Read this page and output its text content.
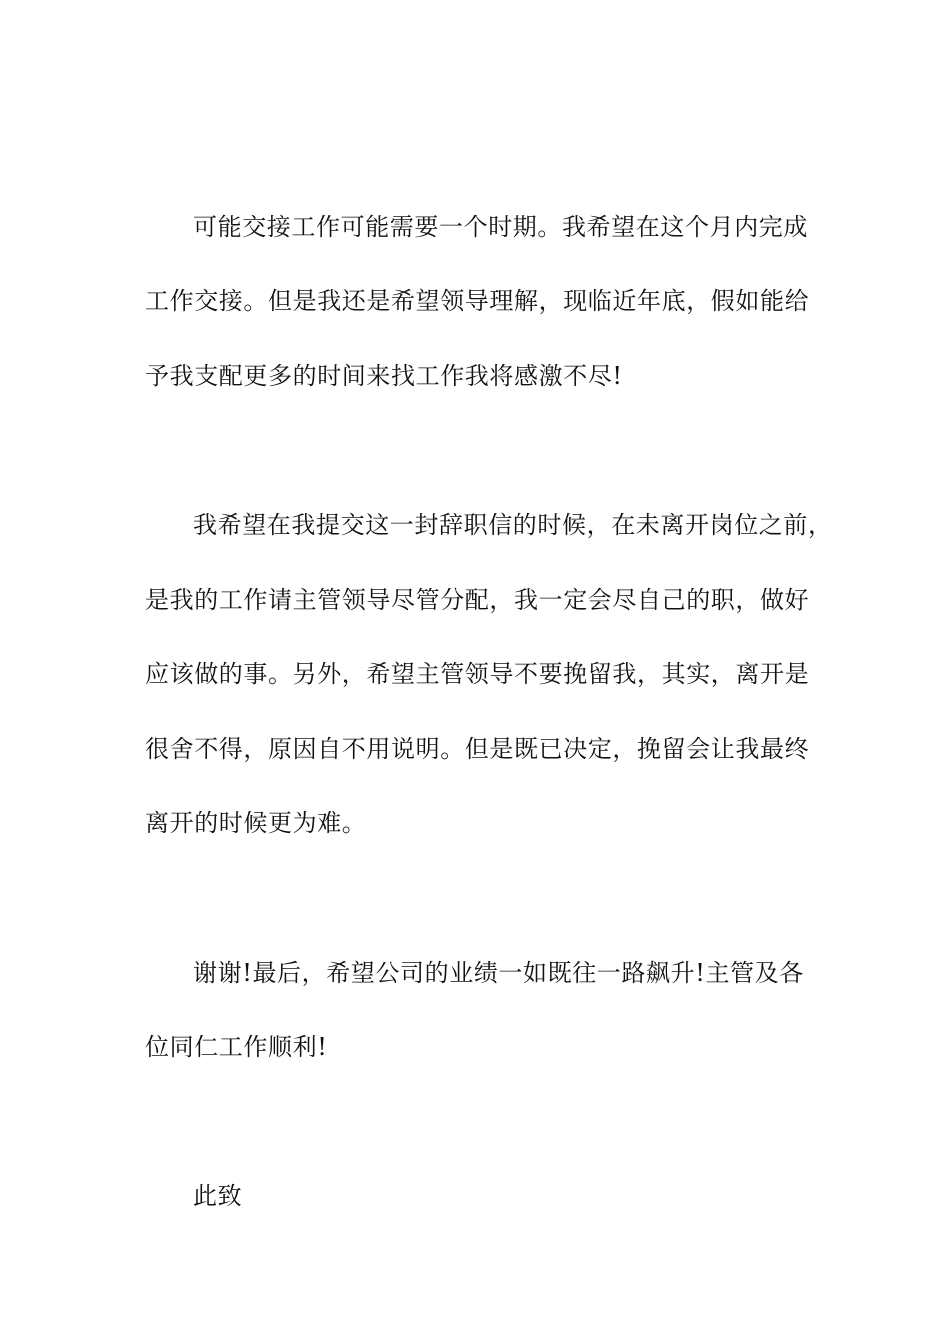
可能交接工作可能需要一个时期。我希望在这个月内完成
工作交接。但是我还是希望领导理解，现临近年底，假如能给
予我支配更多的时间来找工作我将感激不尽!
我希望在我提交这一封辞职信的时候，在未离开岗位之前，
是我的工作请主管领导尽管分配，我一定会尽自己的职，做好
应该做的事。另外，希望主管领导不要挽留我，其实，离开是
很舍不得，原因自不用说明。但是既已决定，挽留会让我最终
离开的时候更为难。
谢谢!最后，希望公司的业绩一如既往一路飙升!主管及各
位同仁工作顺利!
此致
